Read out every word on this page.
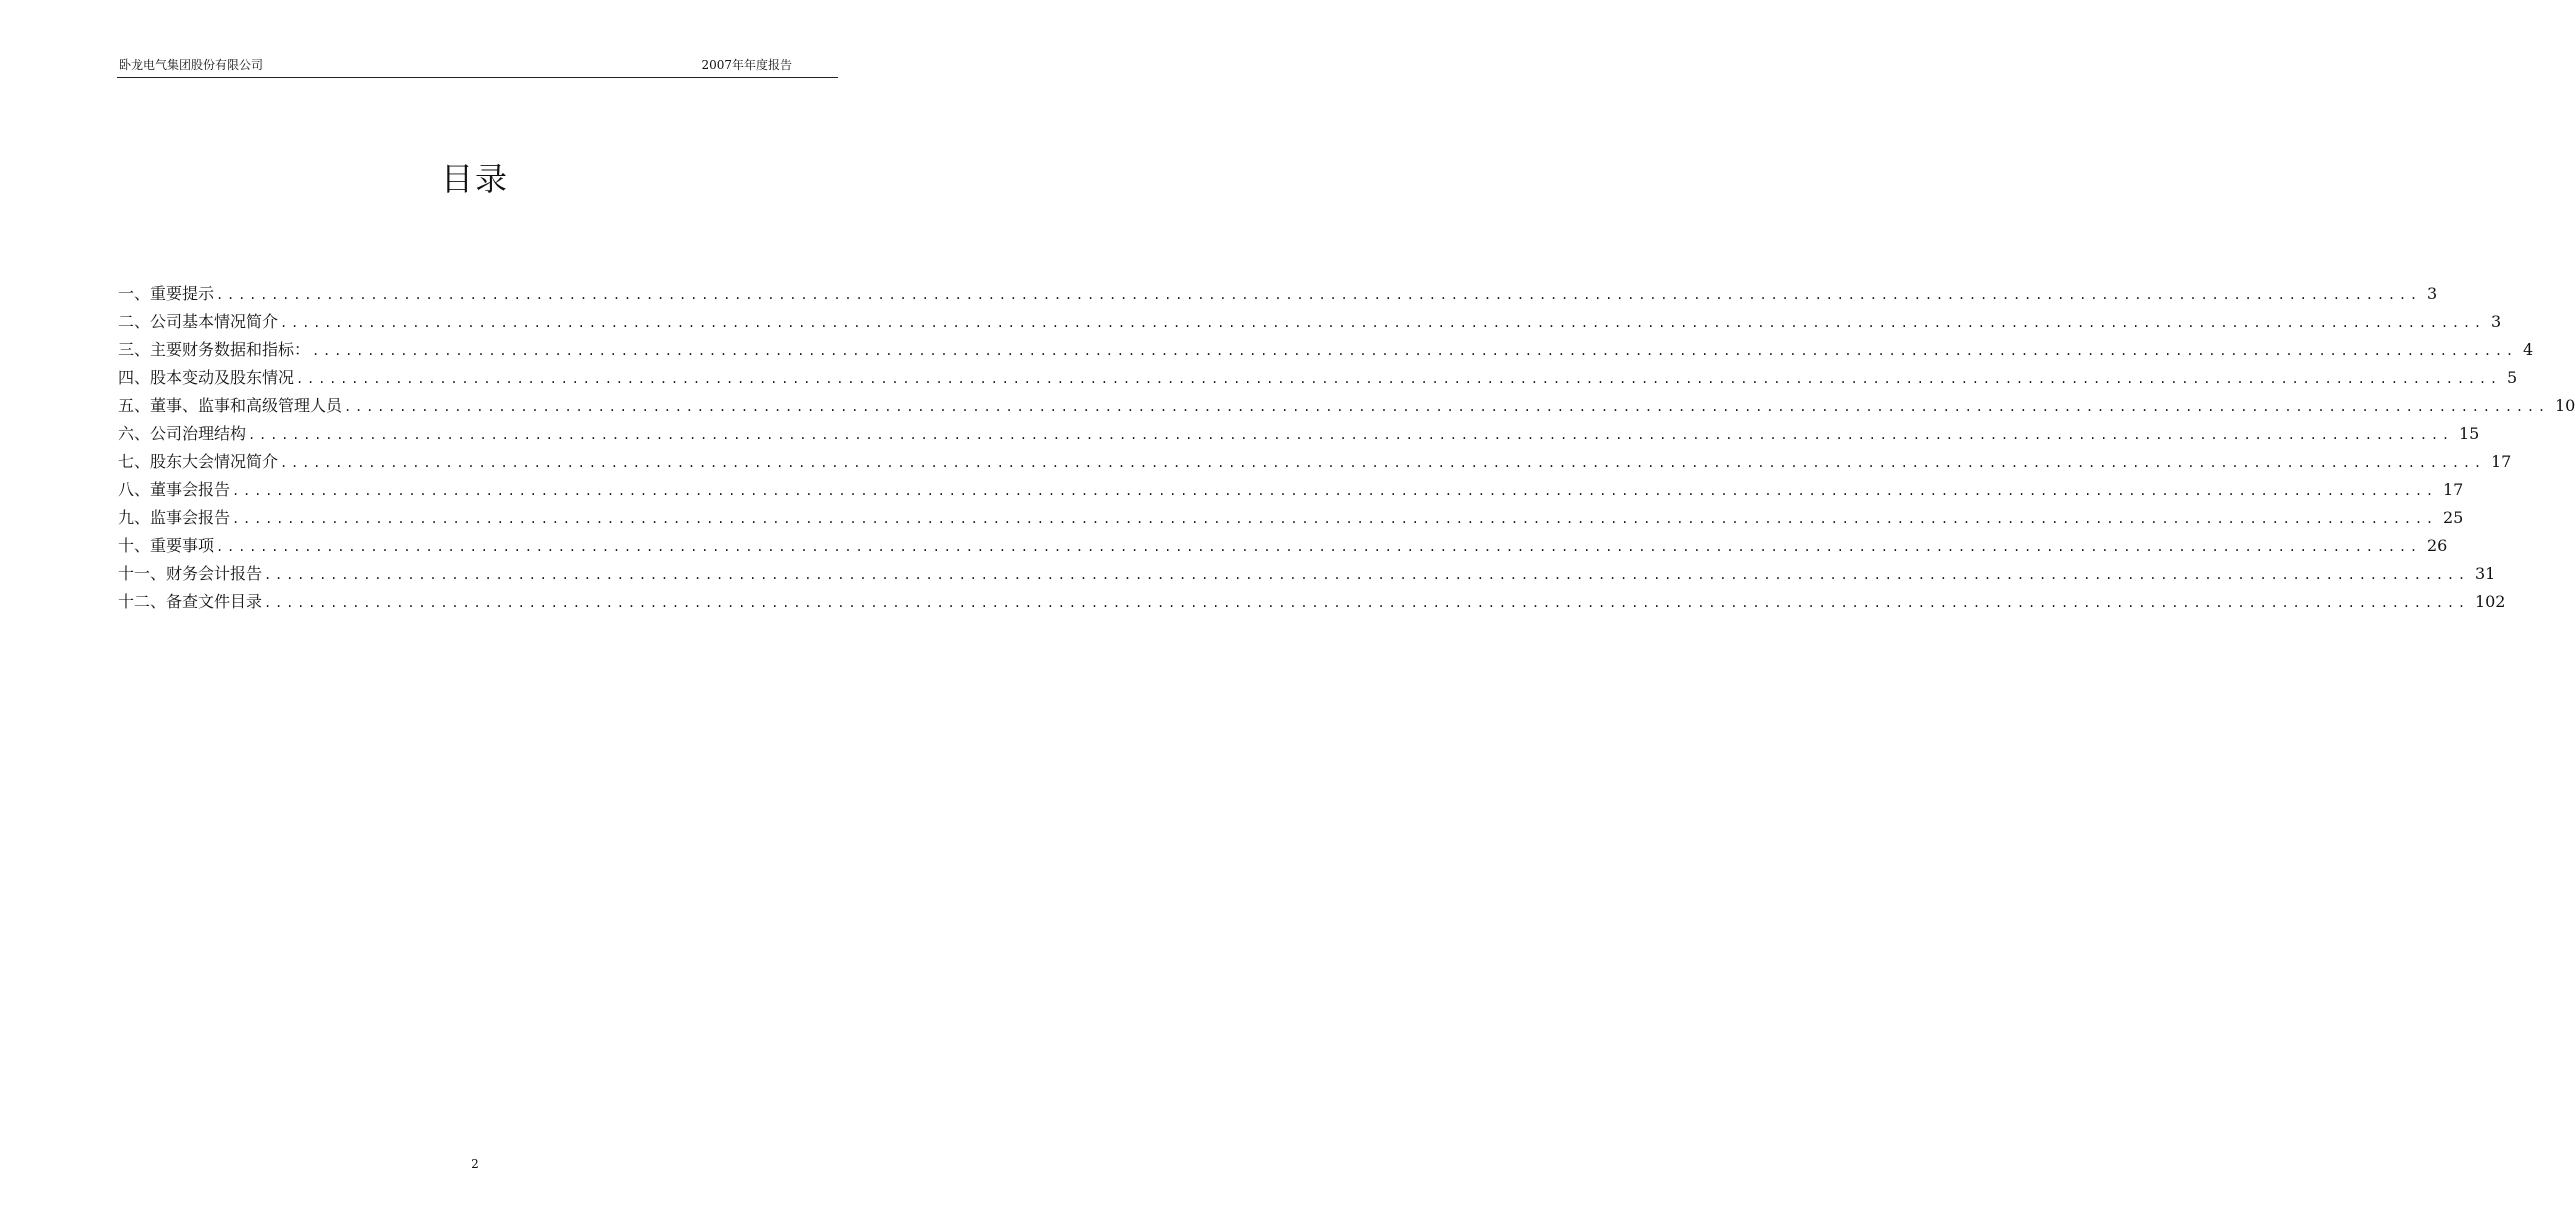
卧龙电气集团股份有限公司	2007年年度报告
目录
一、重要提示 ........................................................................................................................................................................................................ 3
二、公司基本情况简介 ........................................................................................................................................................................................................ 3
三、主要财务数据和指标： ........................................................................................................................................................................................................ 4
四、股本变动及股东情况 ........................................................................................................................................................................................................ 5
五、董事、监事和高级管理人员 ........................................................................................................................................................................................................ 10
六、公司治理结构 ........................................................................................................................................................................................................ 15
七、股东大会情况简介 ........................................................................................................................................................................................................ 17
八、董事会报告 ........................................................................................................................................................................................................ 17
九、监事会报告 ........................................................................................................................................................................................................ 25
十、重要事项 ........................................................................................................................................................................................................ 26
十一、财务会计报告 ........................................................................................................................................................................................................ 31
十二、备查文件目录 ........................................................................................................................................................................................................ 102
2
